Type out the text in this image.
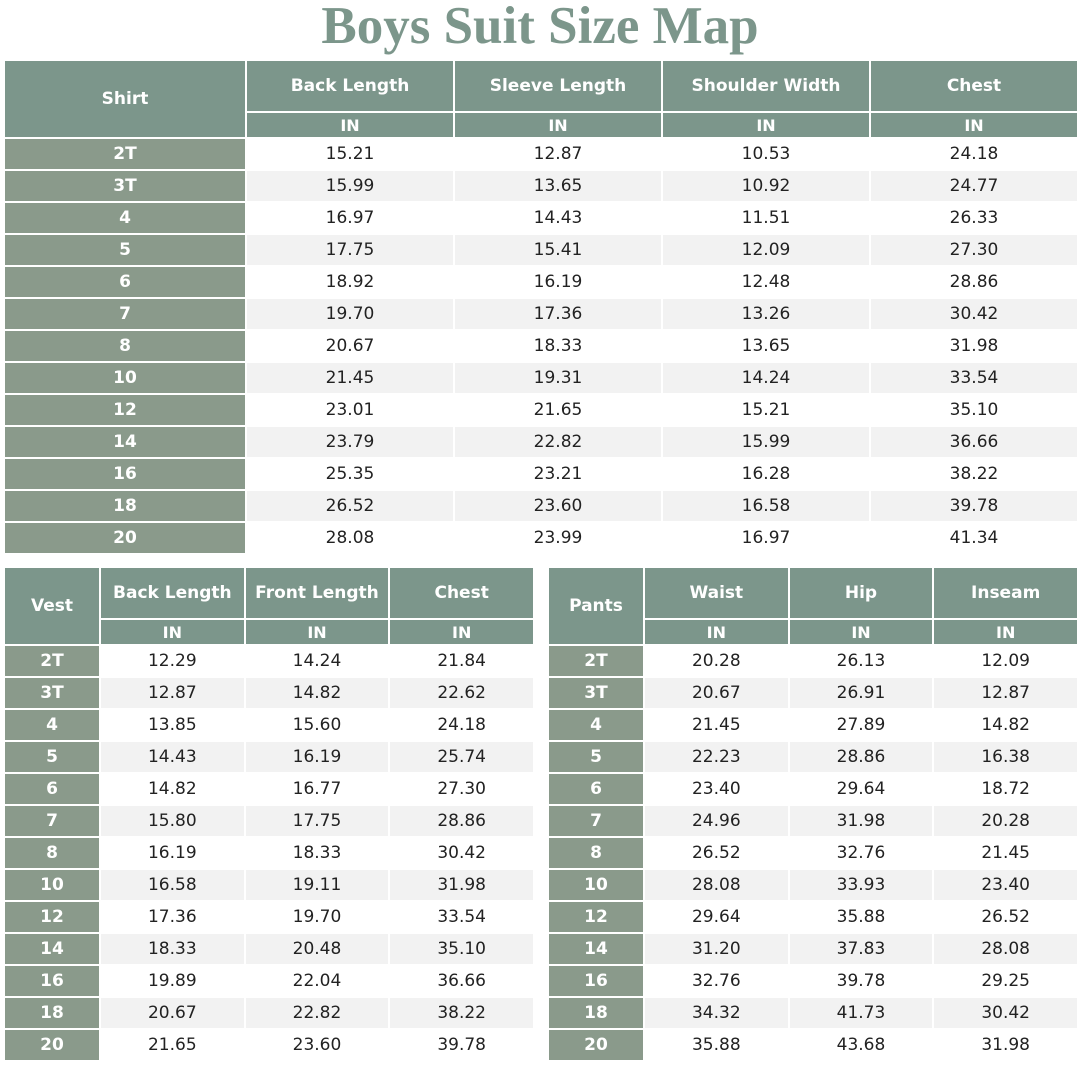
Boys Suit Size Map
Shirt	Back Length	Sleeve Length	Shoulder Width	Chest
	IN	IN	IN	IN
2T	15.21	12.87	10.53	24.18
3T	15.99	13.65	10.92	24.77
4	16.97	14.43	11.51	26.33
5	17.75	15.41	12.09	27.30
6	18.92	16.19	12.48	28.86
7	19.70	17.36	13.26	30.42
8	20.67	18.33	13.65	31.98
10	21.45	19.31	14.24	33.54
12	23.01	21.65	15.21	35.10
14	23.79	22.82	15.99	36.66
16	25.35	23.21	16.28	38.22
18	26.52	23.60	16.58	39.78
20	28.08	23.99	16.97	41.34
Vest	Back Length	Front Length	Chest
	IN	IN	IN
2T	12.29	14.24	21.84
3T	12.87	14.82	22.62
4	13.85	15.60	24.18
5	14.43	16.19	25.74
6	14.82	16.77	27.30
7	15.80	17.75	28.86
8	16.19	18.33	30.42
10	16.58	19.11	31.98
12	17.36	19.70	33.54
14	18.33	20.48	35.10
16	19.89	22.04	36.66
18	20.67	22.82	38.22
20	21.65	23.60	39.78
Pants	Waist	Hip	Inseam
	IN	IN	IN
2T	20.28	26.13	12.09
3T	20.67	26.91	12.87
4	21.45	27.89	14.82
5	22.23	28.86	16.38
6	23.40	29.64	18.72
7	24.96	31.98	20.28
8	26.52	32.76	21.45
10	28.08	33.93	23.40
12	29.64	35.88	26.52
14	31.20	37.83	28.08
16	32.76	39.78	29.25
18	34.32	41.73	30.42
20	35.88	43.68	31.98
